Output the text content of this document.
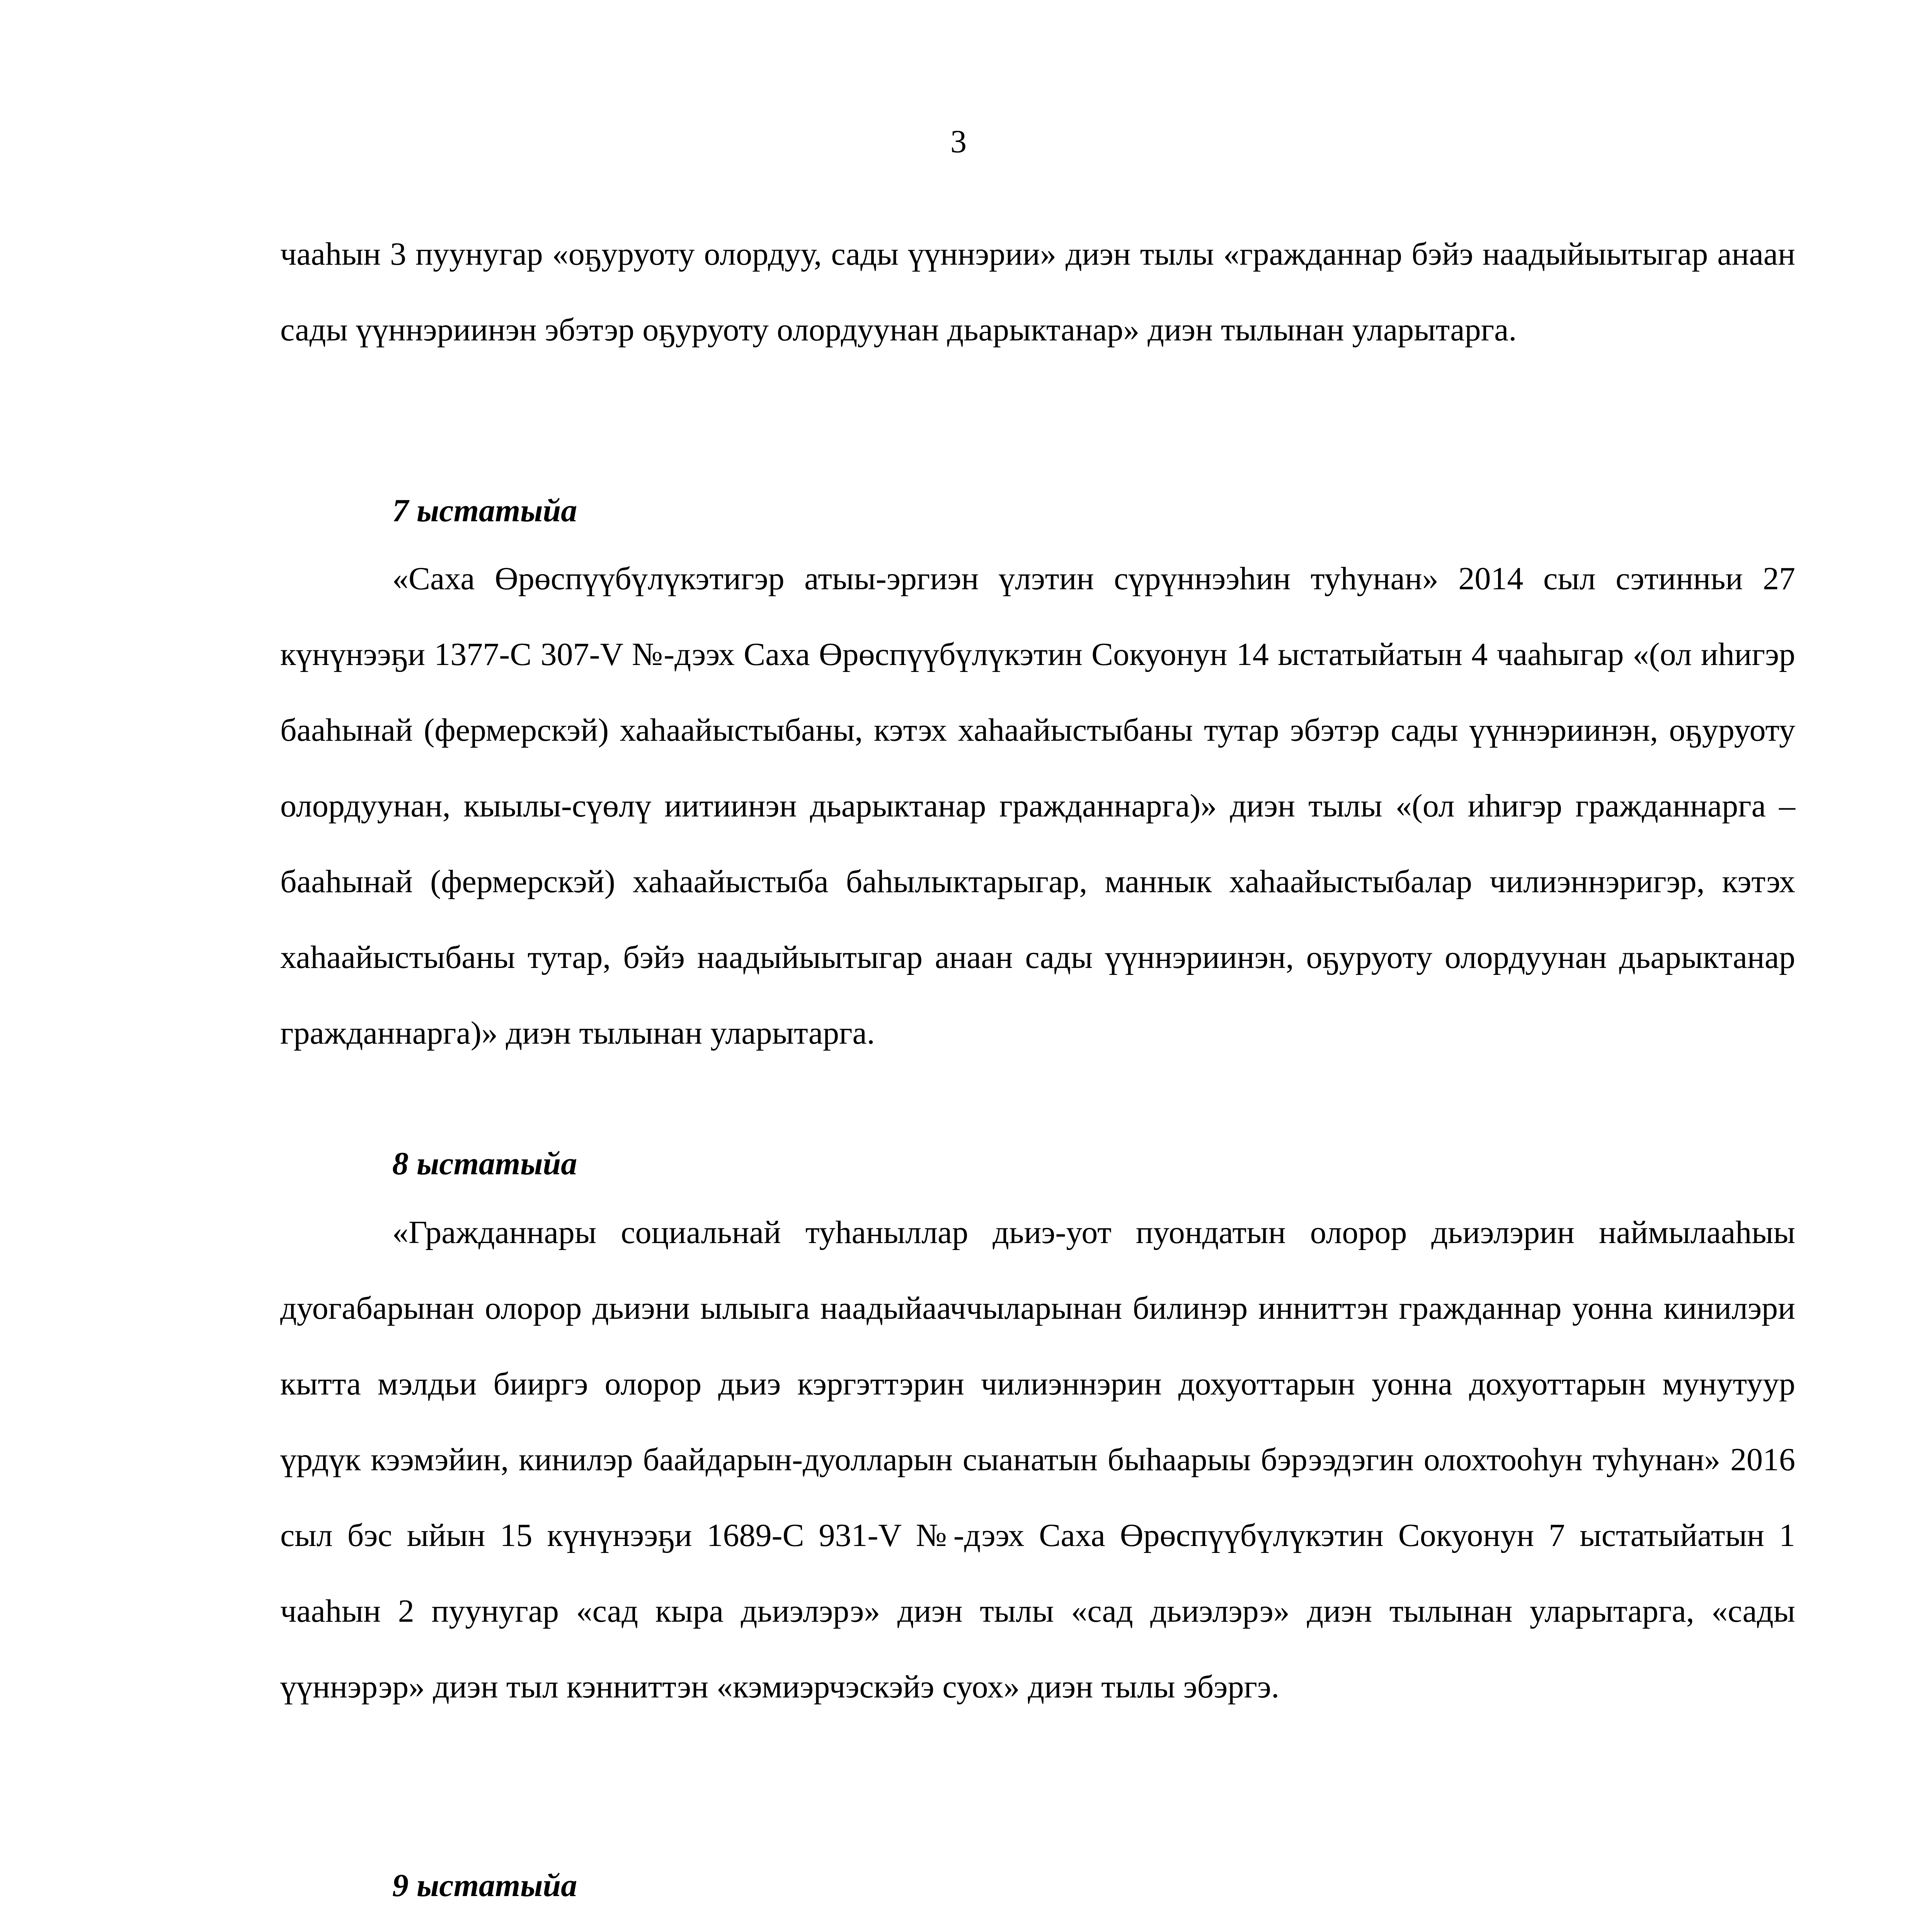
3

чааһын 3 пуунугар «оҕуруоту олордуу, сады үүннэрии» диэн тылы «гражданнар бэйэ наадыйыытыгар анаан сады үүннэриинэн эбэтэр оҕуруоту олордуунан дьарыктанар» диэн тылынан уларытарга.

7 ыстатыйа

«Саха Өрөспүүбүлүкэтигэр атыы-эргиэн үлэтин сүрүннээһин туһунан» 2014 сыл сэтинньи 27 күнүнээҕи 1377-С 307-V №-дээх Саха Өрөспүүбүлүкэтин Сокуонун 14 ыстатыйатын 4 чааһыгар «(ол иһигэр бааһынай (фермерскэй) хаһаайыстыбаны, кэтэх хаһаайыстыбаны тутар эбэтэр сады үүннэриинэн, оҕуруоту олордуунан, кыылы-сүөлү иитиинэн дьарыктанар гражданнарга)» диэн тылы «(ол иһигэр гражданнарга – бааһынай (фермерскэй) хаһаайыстыба баһылыктарыгар, маннык хаһаайыстыбалар чилиэннэригэр, кэтэх хаһаайыстыбаны тутар, бэйэ наадыйыытыгар анаан сады үүннэриинэн, оҕуруоту олордуунан дьарыктанар гражданнарга)» диэн тылынан уларытарга.

8 ыстатыйа

«Гражданнары социальнай туһаныллар дьиэ-уот пуондатын олорор дьиэлэрин наймылааһыы дуогабарынан олорор дьиэни ылыыга наадыйааччыларынан билинэр инниттэн гражданнар уонна кинилэри кытта мэлдьи бииргэ олорор дьиэ кэргэттэрин чилиэннэрин дохуоттарын уонна дохуоттарын мунутуур үрдүк кээмэйин, кинилэр баайдарын-дуолларын сыанатын быһаарыы бэрээдэгин олохтооһун туһунан» 2016 сыл бэс ыйын 15 күнүнээҕи 1689-С 931-V №-дээх Саха Өрөспүүбүлүкэтин Сокуонун 7 ыстатыйатын 1 чааһын 2 пуунугар «сад кыра дьиэлэрэ» диэн тылы «сад дьиэлэрэ» диэн тылынан уларытарга, «сады үүннэрэр» диэн тыл кэнниттэн «кэмиэрчэскэйэ суох» диэн тылы эбэргэ.

9 ыстатыйа
